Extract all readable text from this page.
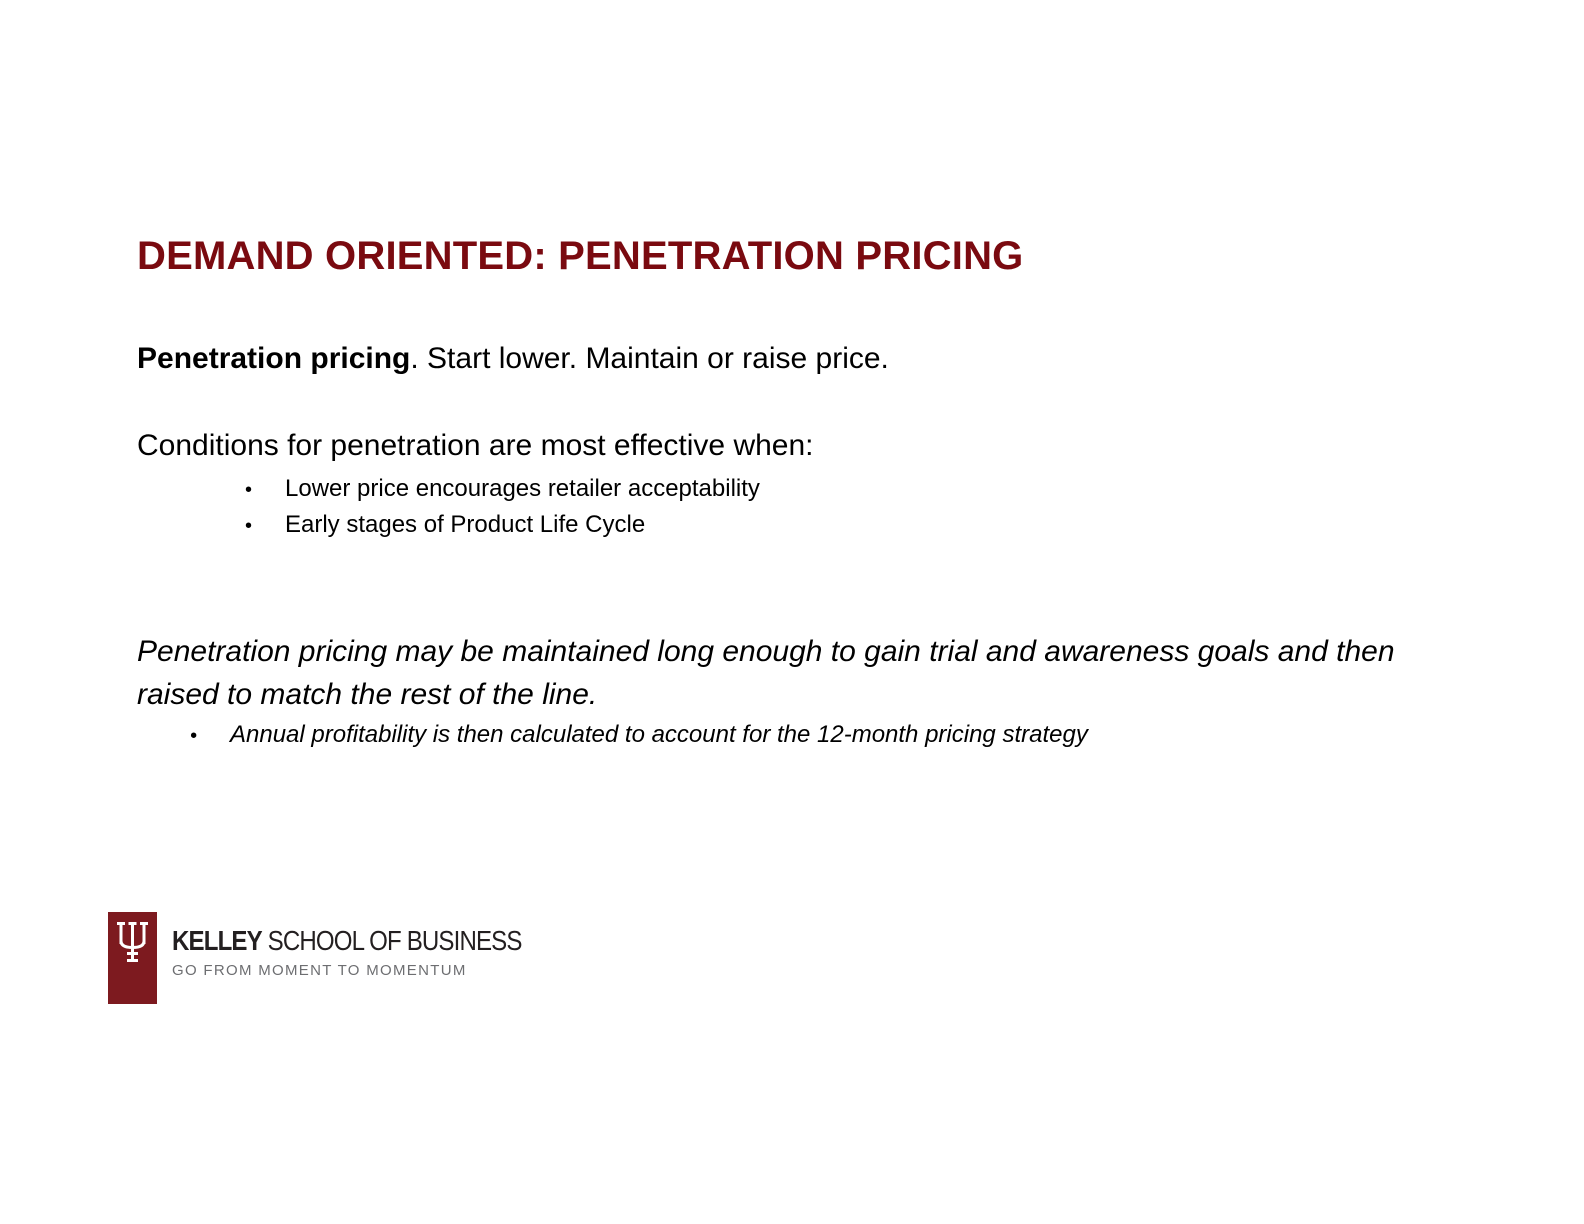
DEMAND ORIENTED: PENETRATION PRICING

Penetration pricing. Start lower. Maintain or raise price.

Conditions for penetration are most effective when:

• Lower price encourages retailer acceptability
• Early stages of Product Life Cycle

Penetration pricing may be maintained long enough to gain trial and awareness goals and then raised to match the rest of the line.

• Annual profitability is then calculated to account for the 12-month pricing strategy
KELLEY SCHOOL OF BUSINESS
GO FROM MOMENT TO MOMENTUM
